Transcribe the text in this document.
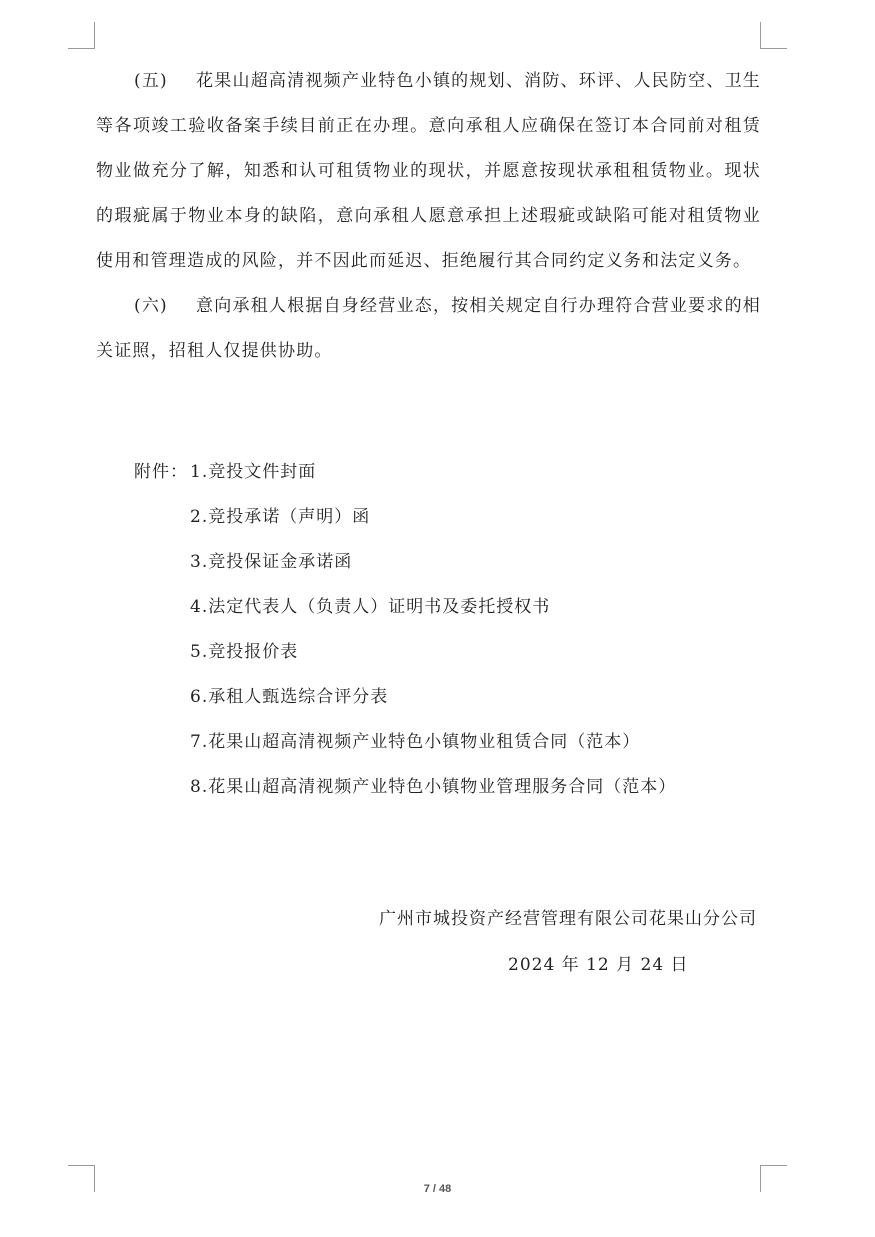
(五) 花果山超高清视频产业特色小镇的规划、消防、环评、人民防空、卫生等各项竣工验收备案手续目前正在办理。意向承租人应确保在签订本合同前对租赁物业做充分了解，知悉和认可租赁物业的现状，并愿意按现状承租租赁物业。现状的瑕疵属于物业本身的缺陷，意向承租人愿意承担上述瑕疵或缺陷可能对租赁物业使用和管理造成的风险，并不因此而延迟、拒绝履行其合同约定义务和法定义务。

(六) 意向承租人根据自身经营业态，按相关规定自行办理符合营业要求的相关证照，招租人仅提供协助。

附件： 1.竞投文件封面
2.竞投承诺（声明）函
3.竞投保证金承诺函
4.法定代表人（负责人）证明书及委托授权书
5.竞投报价表
6.承租人甄选综合评分表
7.花果山超高清视频产业特色小镇物业租赁合同（范本）
8.花果山超高清视频产业特色小镇物业管理服务合同（范本）
广州市城投资产经营管理有限公司花果山分公司
2024 年 12 月 24 日
7 / 48
